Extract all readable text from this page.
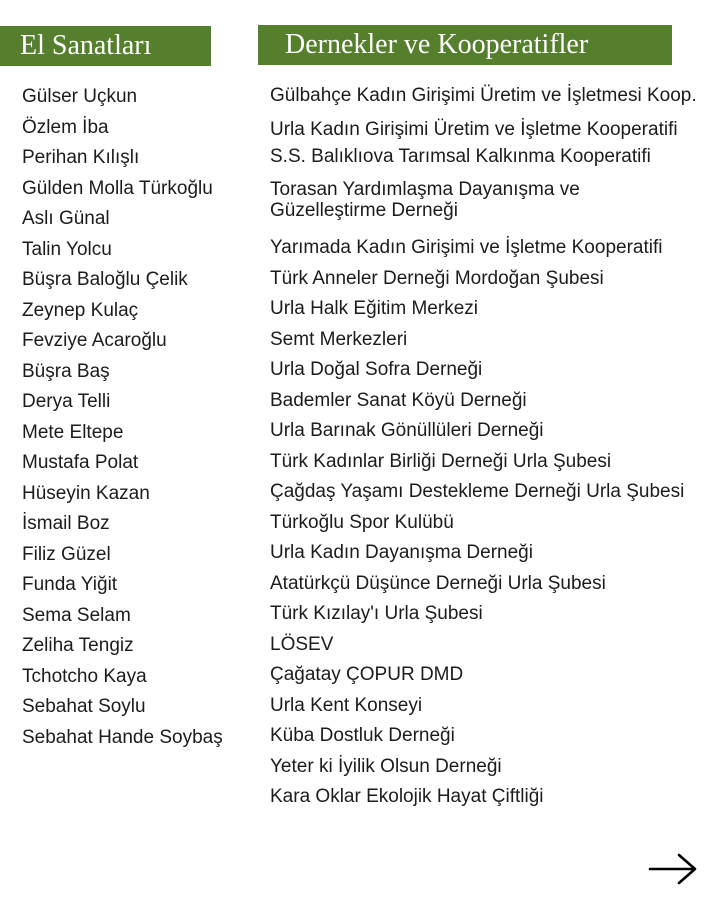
El Sanatları	Dernekler ve Kooperatifler
Gülser Uçkun
Özlem İba
Perihan Kılışlı
Gülden Molla Türkoğlu
Aslı Günal
Talin Yolcu
Büşra Baloğlu Çelik
Zeynep Kulaç
Fevziye Acaroğlu
Büşra Baş
Derya Telli
Mete Eltepe
Mustafa Polat
Hüseyin Kazan
İsmail Boz
Filiz Güzel
Funda Yiğit
Sema Selam
Zeliha Tengiz
Tchotcho Kaya
Sebahat Soylu
Sebahat Hande Soybaş
Gülbahçe Kadın Girişimi Üretim ve İşletmesi Koop.
Urla Kadın Girişimi Üretim ve İşletme Kooperatifi
S.S. Balıklıova Tarımsal Kalkınma Kooperatifi
Torasan Yardımlaşma Dayanışma ve
Güzelleştirme Derneği
Yarımada Kadın Girişimi ve İşletme Kooperatifi
Türk Anneler Derneği Mordoğan Şubesi
Urla Halk Eğitim Merkezi
Semt Merkezleri
Urla Doğal Sofra Derneği
Bademler Sanat Köyü Derneği
Urla Barınak Gönüllüleri Derneği
Türk Kadınlar Birliği Derneği Urla Şubesi
Çağdaş Yaşamı Destekleme Derneği Urla Şubesi
Türkoğlu Spor Kulübü
Urla Kadın Dayanışma Derneği
Atatürkçü Düşünce Derneği Urla Şubesi
Türk Kızılay'ı Urla Şubesi
LÖSEV
Çağatay ÇOPUR DMD
Urla Kent Konseyi
Küba Dostluk Derneği
Yeter ki İyilik Olsun Derneği
Kara Oklar Ekolojik Hayat Çiftliği
